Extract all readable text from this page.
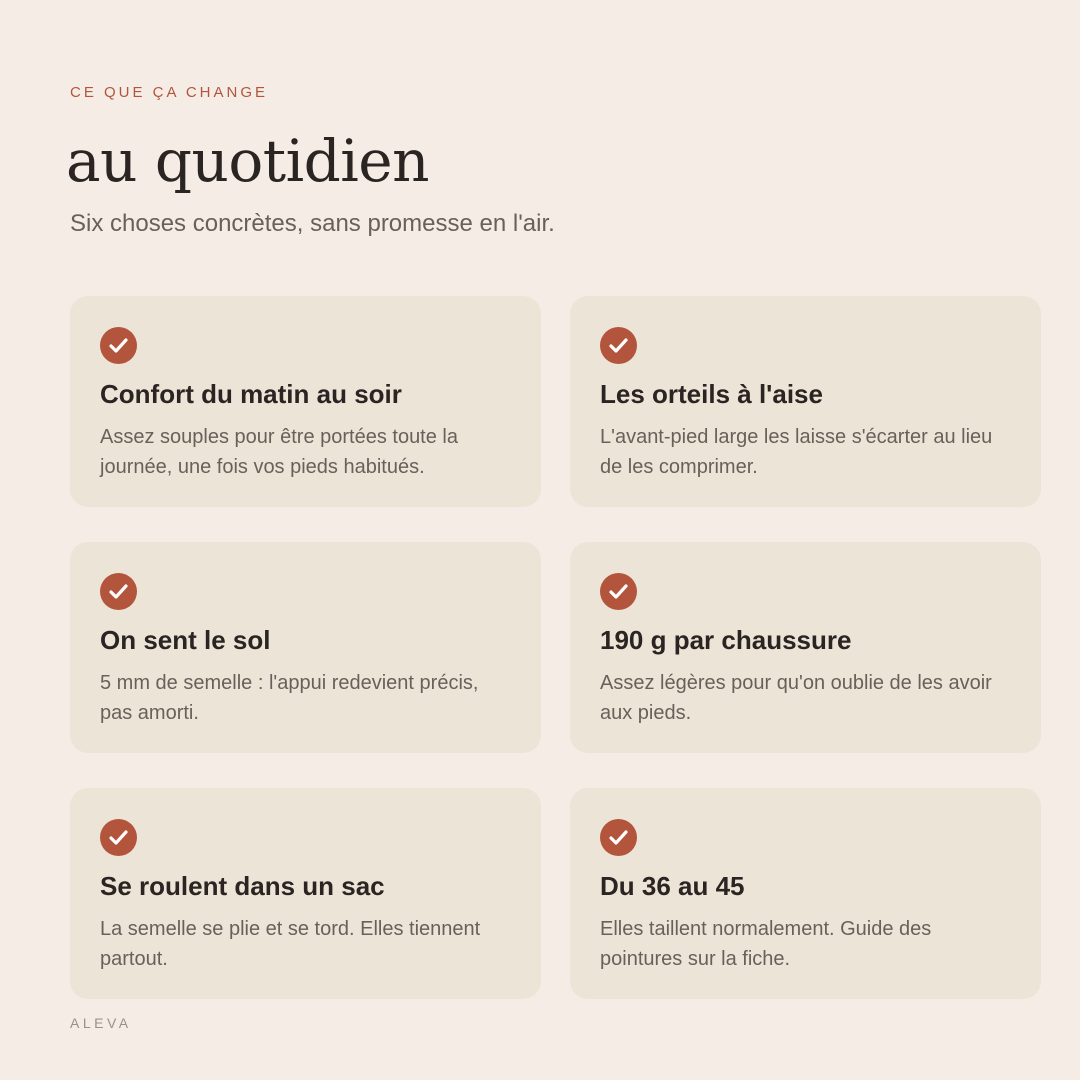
CE QUE ÇA CHANGE
au quotidien

Six choses concrètes, sans promesse en l'air.

Confort du matin au soir
Assez souples pour être portées toute la journée, une fois vos pieds habitués.
Les orteils à l'aise
L'avant-pied large les laisse s'écarter au lieu de les comprimer.
On sent le sol
5 mm de semelle : l'appui redevient précis, pas amorti.
190 g par chaussure
Assez légères pour qu'on oublie de les avoir aux pieds.
Se roulent dans un sac
La semelle se plie et se tord. Elles tiennent partout.
Du 36 au 45
Elles taillent normalement. Guide des pointures sur la fiche.
ALEVA
